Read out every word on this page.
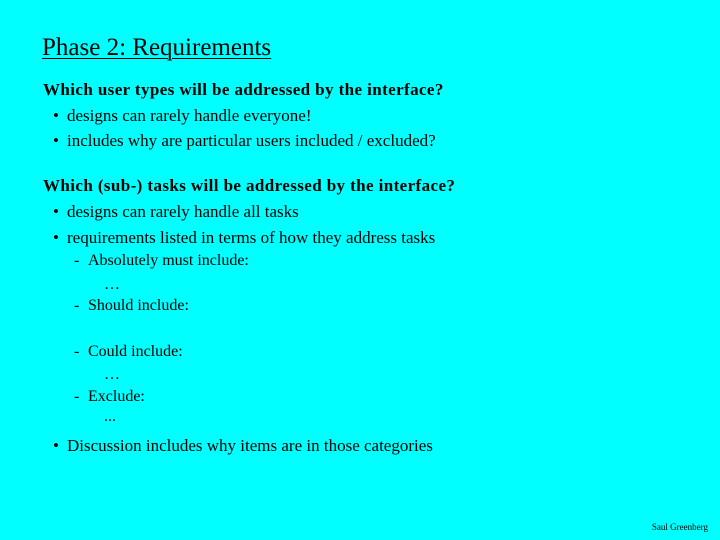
Phase 2: Requirements
Which user types will be addressed by the interface?
• designs can rarely handle everyone!
• includes why are particular users included / excluded?
Which (sub-) tasks will be addressed by the interface?
• designs can rarely handle all tasks
• requirements listed in terms of how they address tasks
- Absolutely must include:
…
- Should include:
- Could include:
…
- Exclude:
...
• Discussion includes why items are in those categories
Saul Greenberg
